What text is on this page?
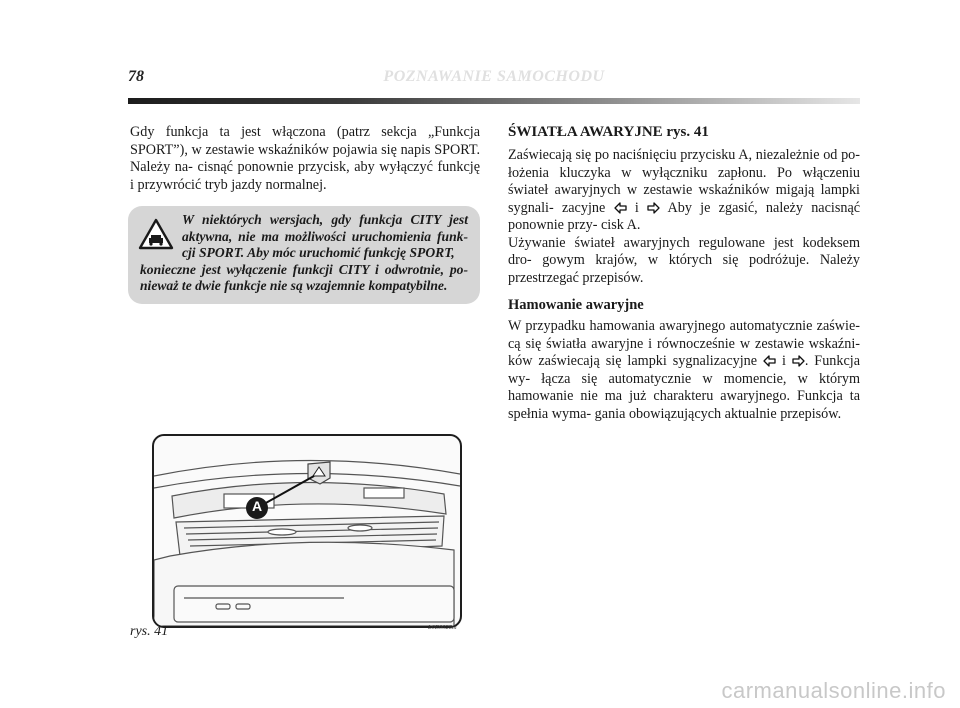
78	POZNAWANIE SAMOCHODU

Gdy funkcja ta jest włączona (patrz sekcja „Funkcja SPORT”), w zestawie wskaźników pojawia się napis SPORT. Należy na- cisnąć ponownie przycisk, aby wyłączyć funkcję i przywrócić tryb jazdy normalnej.

W niektórych wersjach, gdy funkcja CITY jest aktywna, nie ma możliwości uruchomienia funk- cji SPORT. Aby móc uruchomić funkcję SPORT,
konieczne jest wyłączenie funkcji CITY i odwrotnie, po- nieważ te dwie funkcje nie są wzajemnie kompatybilne.
ŚWIATŁA AWARYJNE rys. 41

Zaświecają się po naciśnięciu przycisku A, niezależnie od po- łożenia kluczyka w wyłączniku zapłonu. Po włączeniu świateł awaryjnych w zestawie wskaźników migają lampki sygnali- zacyjne i Aby je zgasić, należy nacisnąć ponownie przy- cisk A.

Używanie świateł awaryjnych regulowane jest kodeksem dro- gowym krajów, w których się podróżuje. Należy przestrzegać przepisów.

Hamowanie awaryjne

W przypadku hamowania awaryjnego automatycznie zaświe- cą się światła awaryjne i równocześnie w zestawie wskaźni- ków zaświecają się lampki sygnalizacyjne i . Funkcja wy- łącza się automatycznie w momencie, w którym hamowanie nie ma już charakteru awaryjnego. Funkcja ta spełnia wyma- gania obowiązujących aktualnie przepisów.

A
rys. 41	L0E0028m
carmanualsonline.info
